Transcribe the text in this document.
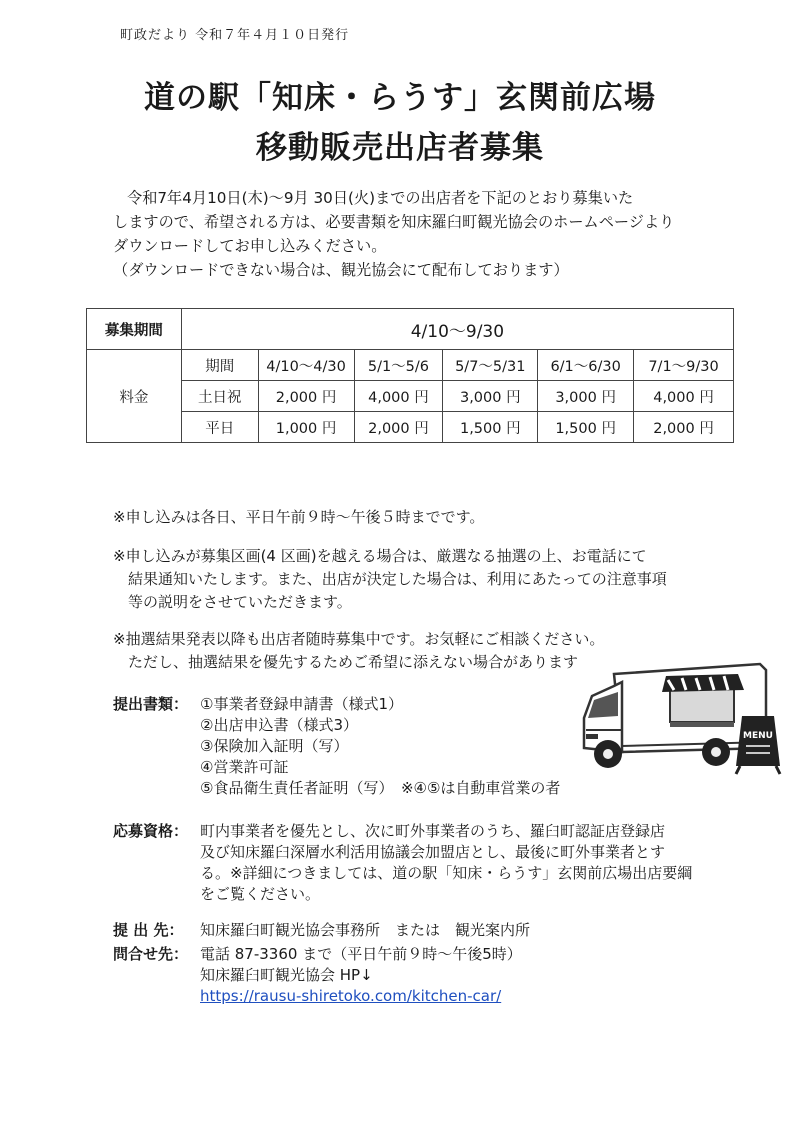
町政だより 令和７年４月１０日発行
道の駅「知床・らうす」玄関前広場
移動販売出店者募集

令和7年4月10日(木)～9月 30日(火)までの出店者を下記のとおり募集いた

しますので、希望される方は、必要書類を知床羅臼町観光協会のホームページより

ダウンロードしてお申し込みください。

（ダウンロードできない場合は、観光協会にて配布しております）

募集期間	4/10～9/30					
料金	期間	4/10～4/30	5/1～5/6	5/7～5/31	6/1～6/30	7/1～9/30
	土日祝	2,000 円	4,000 円	3,000 円	3,000 円	4,000 円
	平日	1,000 円	2,000 円	1,500 円	1,500 円	2,000 円

※申し込みは各日、平日午前９時～午後５時までです。

※申し込みが募集区画(4 区画)を越える場合は、厳選なる抽選の上、お電話にて

　結果通知いたします。また、出店が決定した場合は、利用にあたっての注意事項

　等の説明をさせていただきます。

※抽選結果発表以降も出店者随時募集中です。お気軽にご相談ください。

　ただし、抽選結果を優先するためご希望に添えない場合があります

MENU
提出書類： ①事業者登録申請書（様式1）

②出店申込書（様式3）

③保険加入証明（写）

④営業許可証

⑤食品衛生責任者証明（写）　※④⑤は自動車営業の者

応募資格： 町内事業者を優先とし、次に町外事業者のうち、羅臼町認証店登録店

及び知床羅臼深層水利活用協議会加盟店とし、最後に町外事業者とす

る。※詳細につきましては、道の駅「知床・らうす」玄関前広場出店要綱

をご覧ください。

提 出 先： 知床羅臼町観光協会事務所　または　観光案内所
問合せ先： 電話 87-3360 まで（平日午前９時～午後5時）

知床羅臼町観光協会 HP↓

https://rausu-shiretoko.com/kitchen-car/
